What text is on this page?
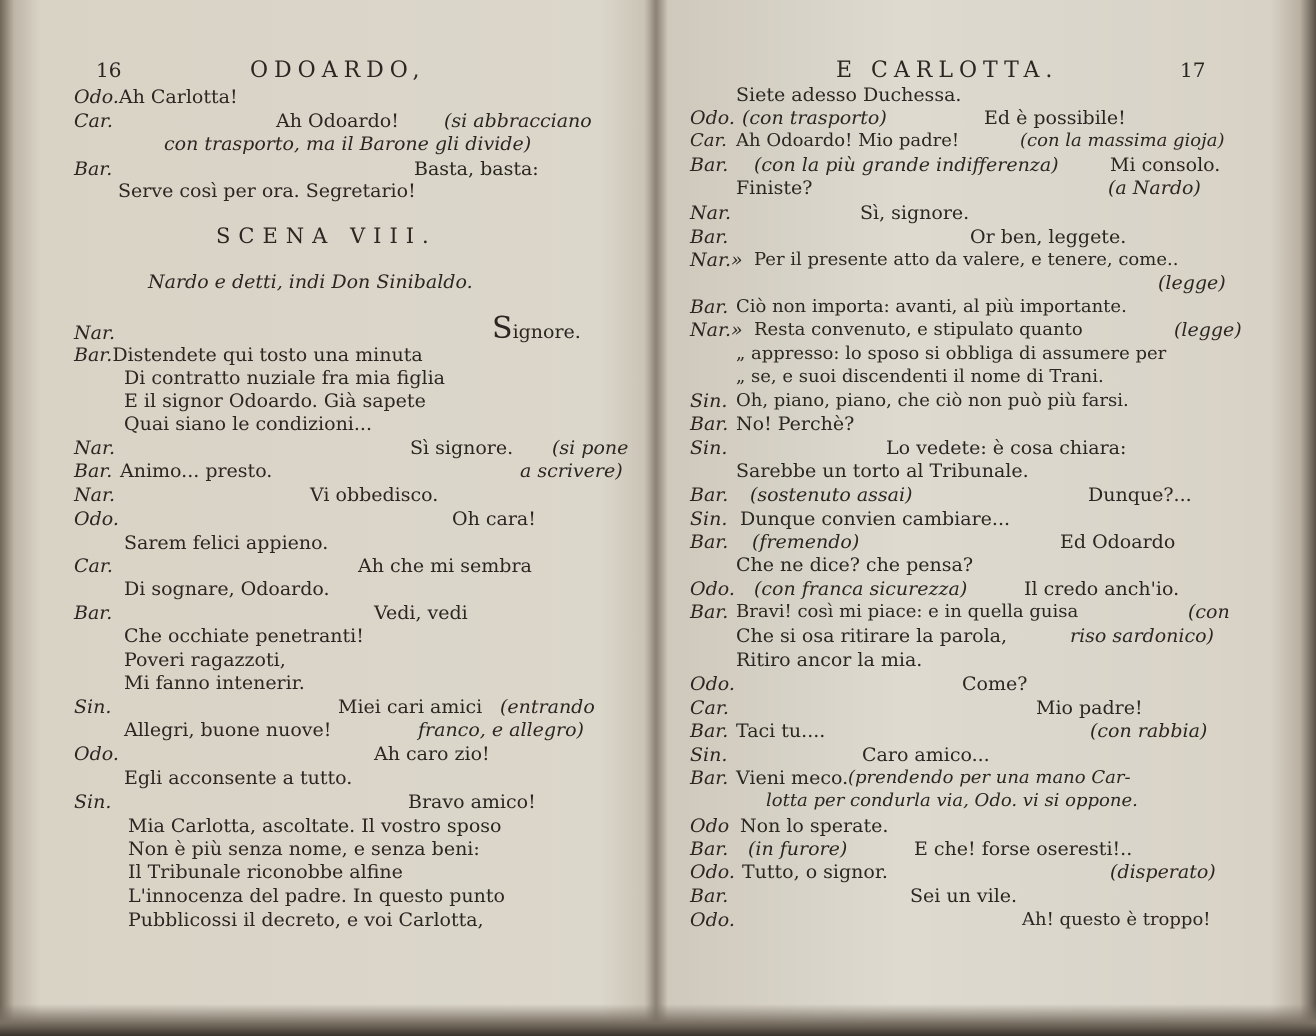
16	ODOARDO,
Odo.Ah Carlotta!
Car.	Ah Odoardo! (si abbracciano
con trasporto, ma il Barone gli divide)
Bar.	Basta, basta:
Serve così per ora. Segretario!
SCENA VIII.
Nardo e detti, indi Don Sinibaldo.
Nar.	Signore.
Bar.Distendete qui tosto una minuta
Di contratto nuziale fra mia figlia
E il signor Odoardo. Già sapete
Quai siano le condizioni...
Nar.	Sì signore. (si pone
Bar. Animo... presto.	a scrivere)
Nar.	Vi obbedisco.
Odo.	Oh cara!
Sarem felici appieno.
Car.	Ah che mi sembra
Di sognare, Odoardo.
Bar.	Vedi, vedi
Che occhiate penetranti!
Poveri ragazzoti,
Mi fanno intenerir.
Sin.	Miei cari amici (entrando
Allegri, buone nuove!	franco, e allegro)
Odo.	Ah caro zio!
Egli acconsente a tutto.
Sin.	Bravo amico!
Mia Carlotta, ascoltate. Il vostro sposo
Non è più senza nome, e senza beni:
Il Tribunale riconobbe alfine
L'innocenza del padre. In questo punto
Pubblicossi il decreto, e voi Carlotta,
E CARLOTTA.	17
Siete adesso Duchessa.
Odo. (con trasporto)	Ed è possibile!
Car. Ah Odoardo! Mio padre!	(con la massima gioja)
Bar. (con la più grande indifferenza)	Mi consolo.
Finiste?	(a Nardo)
Nar.	Sì, signore.
Bar.	Or ben, leggete.
Nar.» Per il presente atto da valere, e tenere, come..
(legge)
Bar. Ciò non importa: avanti, al più importante.
Nar.» Resta convenuto, e stipulato quanto	(legge)
„ appresso: lo sposo si obbliga di assumere per
„ se, e suoi discendenti il nome di Trani.
Sin. Oh, piano, piano, che ciò non può più farsi.
Bar. No! Perchè?
Sin.	Lo vedete: è cosa chiara:
Sarebbe un torto al Tribunale.
Bar. (sostenuto assai)	Dunque?...
Sin. Dunque convien cambiare...
Bar. (fremendo)	Ed Odoardo
Che ne dice? che pensa?
Odo. (con franca sicurezza)	Il credo anch'io.
Bar. Bravi! così mi piace: e in quella guisa	(con
Che si osa ritirare la parola,	riso sardonico)
Ritiro ancor la mia.
Odo.	Come?
Car.	Mio padre!
Bar. Taci tu....	(con rabbia)
Sin.	Caro amico...
Bar. Vieni meco. (prendendo per una mano Car-
lotta per condurla via, Odo. vi si oppone.
Odo Non lo sperate.
Bar. (in furore)	E che! forse oseresti!..
Odo. Tutto, o signor.	(disperato)
Bar.	Sei un vile.
Odo.	Ah! questo è troppo!
